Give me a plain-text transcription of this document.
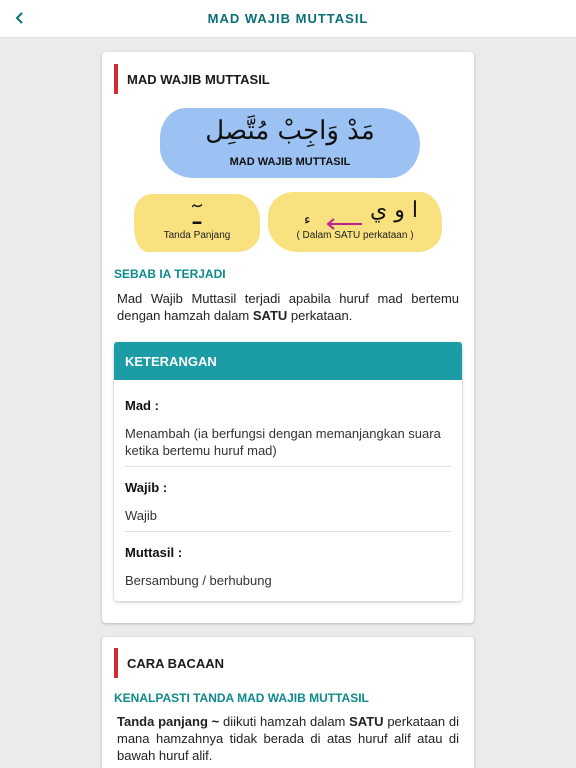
MAD WAJIB MUTTASIL
MAD WAJIB MUTTASIL
مَدْ وَاجِبْ مُتَّصِل
MAD WAJIB MUTTASIL
ـٓ
Tanda Panjang
ء	ا و ي
( Dalam SATU perkataan )
SEBAB IA TERJADI
Mad Wajib Muttasil terjadi apabila huruf mad bertemu dengan hamzah dalam SATU perkataan.
KETERANGAN
Mad :
Menambah (ia berfungsi dengan memanjangkan suara ketika bertemu huruf mad)
Wajib :
Wajib
Muttasil :
Bersambung / berhubung
CARA BACAAN
KENALPASTI TANDA MAD WAJIB MUTTASIL
Tanda panjang ~ diikuti hamzah dalam SATU perkataan di mana hamzahnya tidak berada di atas huruf alif atau di bawah huruf alif.
